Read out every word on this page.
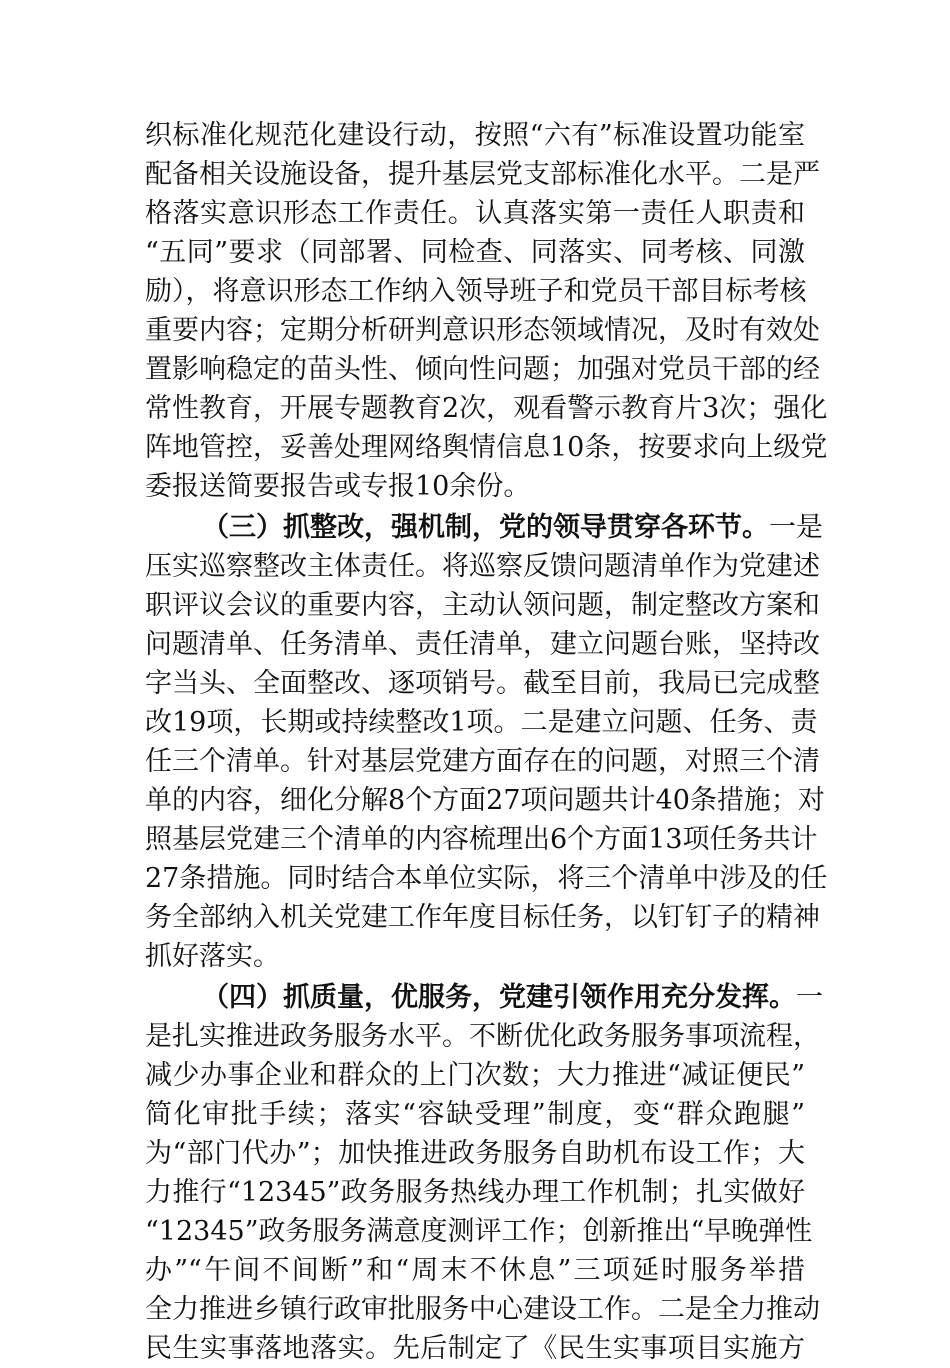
织标准化规范化建设行动，按照“六有”标准设置功能室
配备相关设施设备，提升基层党支部标准化水平。二是严
格落实意识形态工作责任。认真落实第一责任人职责和
“五同”要求（同部署、同检查、同落实、同考核、同激
励），将意识形态工作纳入领导班子和党员干部目标考核
重要内容；定期分析研判意识形态领域情况，及时有效处
置影响稳定的苗头性、倾向性问题；加强对党员干部的经
常性教育，开展专题教育2次，观看警示教育片3次；强化
阵地管控，妥善处理网络舆情信息10条，按要求向上级党
委报送简要报告或专报10余份。
（三）抓整改，强机制，党的领导贯穿各环节。一是
压实巡察整改主体责任。将巡察反馈问题清单作为党建述
职评议会议的重要内容，主动认领问题，制定整改方案和
问题清单、任务清单、责任清单，建立问题台账，坚持改
字当头、全面整改、逐项销号。截至目前，我局已完成整
改19项，长期或持续整改1项。二是建立问题、任务、责
任三个清单。针对基层党建方面存在的问题，对照三个清
单的内容，细化分解8个方面27项问题共计40条措施；对
照基层党建三个清单的内容梳理出6个方面13项任务共计
27条措施。同时结合本单位实际，将三个清单中涉及的任
务全部纳入机关党建工作年度目标任务，以钉钉子的精神
抓好落实。
（四）抓质量，优服务，党建引领作用充分发挥。一
是扎实推进政务服务水平。不断优化政务服务事项流程，
减少办事企业和群众的上门次数；大力推进“减证便民”
简化审批手续；落实“容缺受理”制度，变“群众跑腿”
为“部门代办”；加快推进政务服务自助机布设工作；大
力推行“12345”政务服务热线办理工作机制；扎实做好
“12345”政务服务满意度测评工作；创新推出“早晚弹性
办”“午间不间断”和“周末不休息”三项延时服务举措
全力推进乡镇行政审批服务中心建设工作。二是全力推动
民生实事落地落实。先后制定了《民生实事项目实施方
